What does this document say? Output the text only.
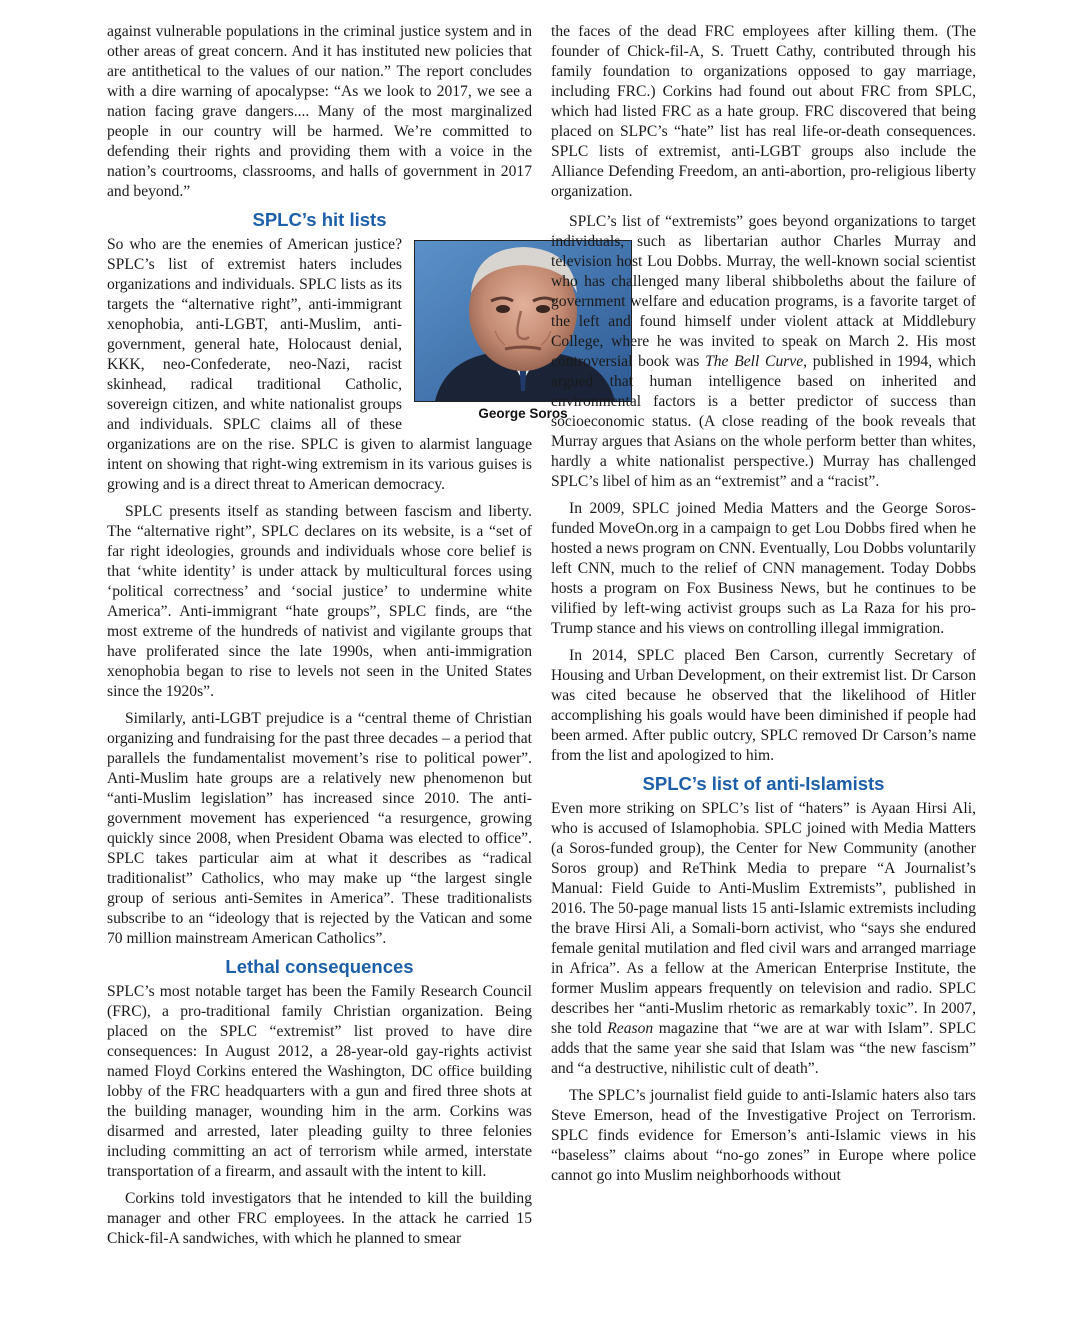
against vulnerable populations in the criminal justice system and in other areas of great concern. And it has instituted new policies that are antithetical to the values of our nation.” The report concludes with a dire warning of apocalypse: “As we look to 2017, we see a nation facing grave dangers.... Many of the most marginalized people in our country will be harmed. We’re committed to defending their rights and providing them with a voice in the nation’s courtrooms, classrooms, and halls of government in 2017 and beyond.”

SPLC’s hit lists
George Soros

So who are the enemies of American justice? SPLC’s list of extremist haters includes organizations and individuals. SPLC lists as its targets the “alternative right”, anti-immigrant xenophobia, anti-LGBT, anti-Muslim, anti-government, general hate, Holocaust denial, KKK, neo-Confederate, neo-Nazi, racist skinhead, radical traditional Catholic, sovereign citizen, and white nationalist groups and individuals. SPLC claims all of these organizations are on the rise. SPLC is given to alarmist language intent on showing that right-wing extremism in its various guises is growing and is a direct threat to American democracy.

SPLC presents itself as standing between fascism and liberty. The “alternative right”, SPLC declares on its website, is a “set of far right ideologies, grounds and individuals whose core belief is that ‘white identity’ is under attack by multicultural forces using ‘political correctness’ and ‘social justice’ to undermine white America”. Anti-immigrant “hate groups”, SPLC finds, are “the most extreme of the hundreds of nativist and vigilante groups that have proliferated since the late 1990s, when anti-immigration xenophobia began to rise to levels not seen in the United States since the 1920s”.

Similarly, anti-LGBT prejudice is a “central theme of Christian organizing and fundraising for the past three decades – a period that parallels the fundamentalist movement’s rise to political power”. Anti-Muslim hate groups are a relatively new phenomenon but “anti-Muslim legislation” has increased since 2010. The anti-government movement has experienced “a resurgence, growing quickly since 2008, when President Obama was elected to office”. SPLC takes particular aim at what it describes as “radical traditionalist” Catholics, who may make up “the largest single group of serious anti-Semites in America”. These traditionalists subscribe to an “ideology that is rejected by the Vatican and some 70 million mainstream American Catholics”.

Lethal consequences

SPLC’s most notable target has been the Family Research Council (FRC), a pro-traditional family Christian organization. Being placed on the SPLC “extremist” list proved to have dire consequences: In August 2012, a 28-year-old gay-rights activist named Floyd Corkins entered the Washington, DC office building lobby of the FRC headquarters with a gun and fired three shots at the building manager, wounding him in the arm. Corkins was disarmed and arrested, later pleading guilty to three felonies including committing an act of terrorism while armed, interstate transportation of a firearm, and assault with the intent to kill.

Corkins told investigators that he intended to kill the building manager and other FRC employees. In the attack he carried 15 Chick-fil-A sandwiches, with which he planned to smear

the faces of the dead FRC employees after killing them. (The founder of Chick-fil-A, S. Truett Cathy, contributed through his family foundation to organizations opposed to gay marriage, including FRC.) Corkins had found out about FRC from SPLC, which had listed FRC as a hate group. FRC discovered that being placed on SLPC’s “hate” list has real life-or-death consequences. SPLC lists of extremist, anti-LGBT groups also include the Alliance Defending Freedom, an anti-abortion, pro-religious liberty organization.

SPLC’s list of “extremists” goes beyond organizations to target individuals, such as libertarian author Charles Murray and television host Lou Dobbs. Murray, the well-known social scientist who has challenged many liberal shibboleths about the failure of government welfare and education programs, is a favorite target of the left and found himself under violent attack at Middlebury College, where he was invited to speak on March 2. His most controversial book was The Bell Curve, published in 1994, which argued that human intelligence based on inherited and environmental factors is a better predictor of success than socioeconomic status. (A close reading of the book reveals that Murray argues that Asians on the whole perform better than whites, hardly a white nationalist perspective.) Murray has challenged SPLC’s libel of him as an “extremist” and a “racist”.

In 2009, SPLC joined Media Matters and the George Soros-funded MoveOn.org in a campaign to get Lou Dobbs fired when he hosted a news program on CNN. Eventually, Lou Dobbs voluntarily left CNN, much to the relief of CNN management. Today Dobbs hosts a program on Fox Business News, but he continues to be vilified by left-wing activist groups such as La Raza for his pro-Trump stance and his views on controlling illegal immigration.

In 2014, SPLC placed Ben Carson, currently Secretary of Housing and Urban Development, on their extremist list. Dr Carson was cited because he observed that the likelihood of Hitler accomplishing his goals would have been diminished if people had been armed. After public outcry, SPLC removed Dr Carson’s name from the list and apologized to him.

SPLC’s list of anti-Islamists

Even more striking on SPLC’s list of “haters” is Ayaan Hirsi Ali, who is accused of Islamophobia. SPLC joined with Media Matters (a Soros-funded group), the Center for New Community (another Soros group) and ReThink Media to prepare “A Journalist’s Manual: Field Guide to Anti-Muslim Extremists”, published in 2016. The 50-page manual lists 15 anti-Islamic extremists including the brave Hirsi Ali, a Somali-born activist, who “says she endured female genital mutilation and fled civil wars and arranged marriage in Africa”. As a fellow at the American Enterprise Institute, the former Muslim appears frequently on television and radio. SPLC describes her “anti-Muslim rhetoric as remarkably toxic”. In 2007, she told Reason magazine that “we are at war with Islam”. SPLC adds that the same year she said that Islam was “the new fascism” and “a destructive, nihilistic cult of death”.

The SPLC’s journalist field guide to anti-Islamic haters also tars Steve Emerson, head of the Investigative Project on Terrorism. SPLC finds evidence for Emerson’s anti-Islamic views in his “baseless” claims about “no-go zones” in Europe where police cannot go into Muslim neighborhoods without
